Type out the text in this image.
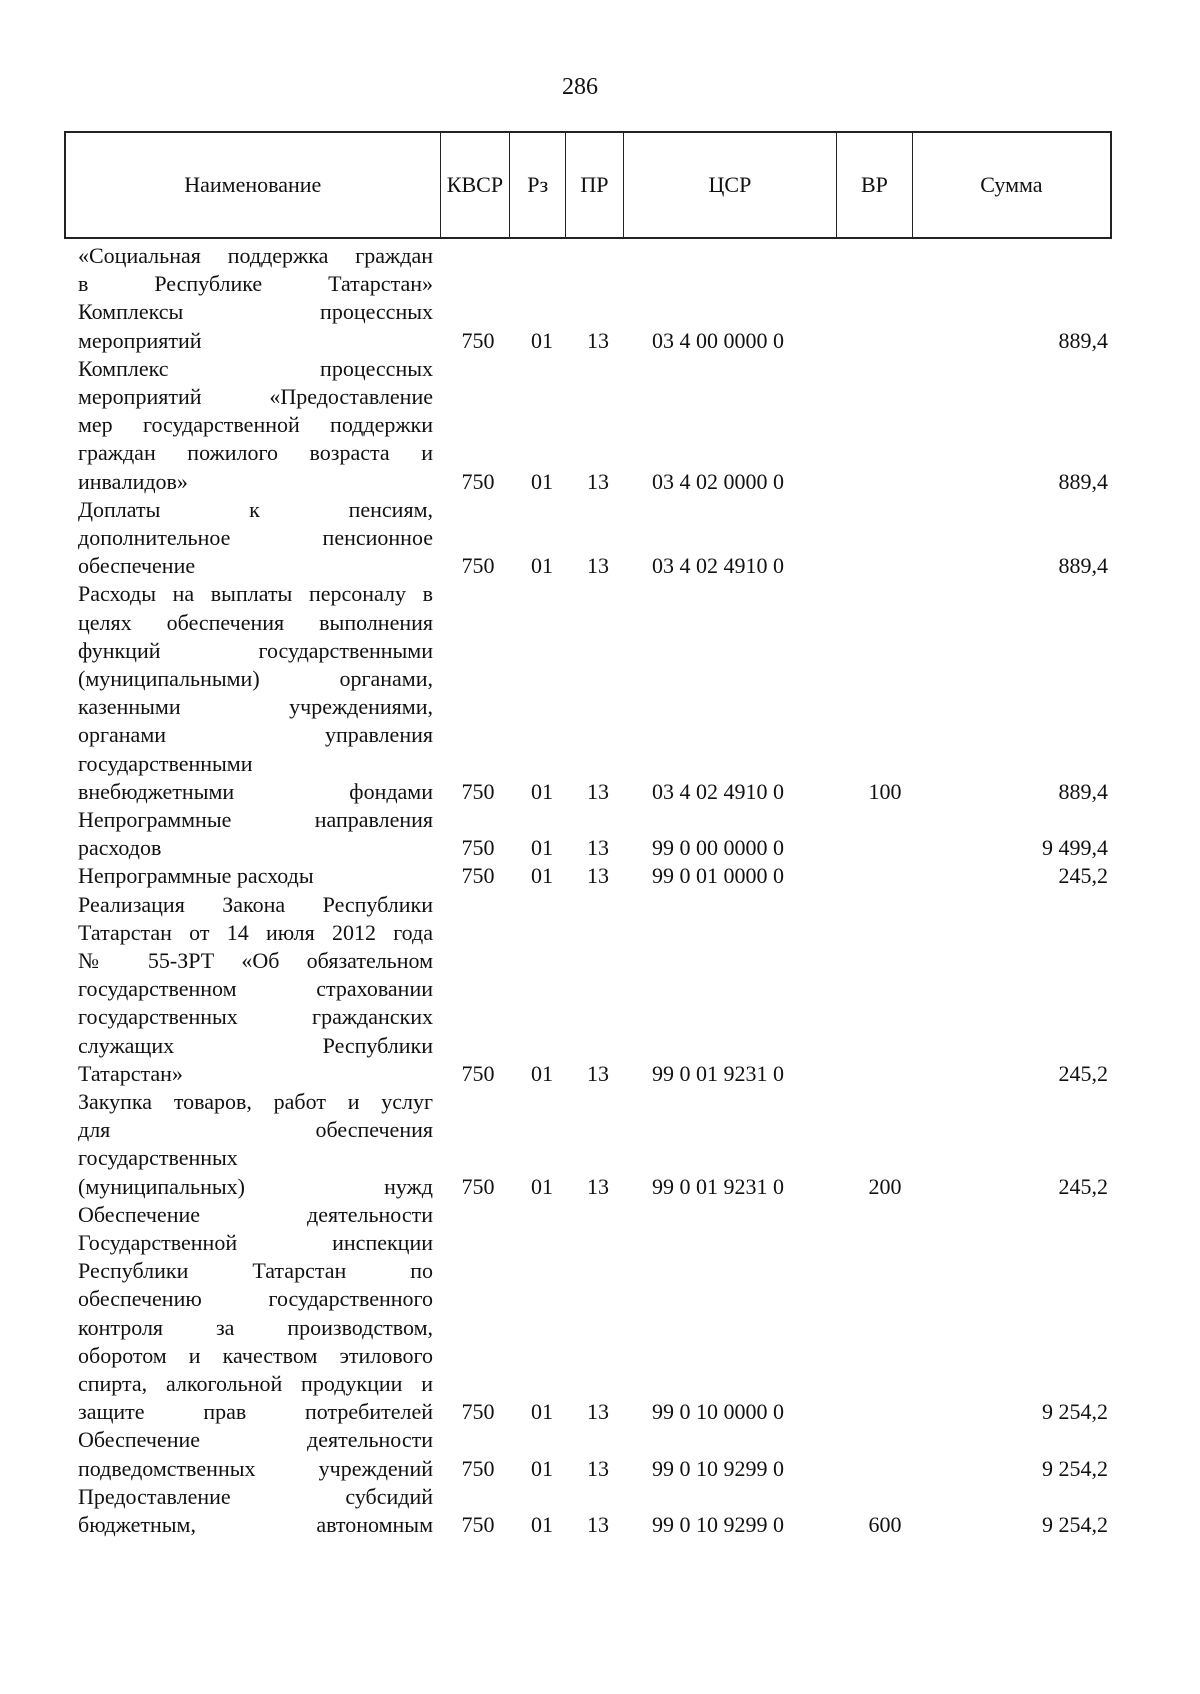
286
Наименование	КВСР	Рз	ПР	ЦСР	ВР	Сумма
«Социальная поддержка граждан
в Республике Татарстан»
Комплексы процессных
мероприятий	750	01	13	03 4 00 0000 0	889,4
Комплекс процессных
мероприятий «Предоставление
мер государственной поддержки
граждан пожилого возраста и
инвалидов»	750	01	13	03 4 02 0000 0	889,4
Доплаты к пенсиям,
дополнительное пенсионное
обеспечение	750	01	13	03 4 02 4910 0	889,4
Расходы на выплаты персоналу в
целях обеспечения выполнения
функций государственными
(муниципальными) органами,
казенными учреждениями,
органами управления
государственными
внебюджетными фондами 750	01	13	03 4 02 4910 0	100	889,4
Непрограммные направления
расходов	750	01	13	99 0 00 0000 0	9 499,4
Непрограммные расходы	750	01	13	99 0 01 0000 0	245,2
Реализация Закона Республики
Татарстан от 14 июля 2012 года
№ 55-ЗРТ «Об обязательном
государственном страховании
государственных гражданских
служащих Республики
Татарстан»	750	01	13	99 0 01 9231 0	245,2
Закупка товаров, работ и услуг
для обеспечения
государственных
(муниципальных) нужд 750	01	13	99 0 01 9231 0	200	245,2
Обеспечение деятельности
Государственной инспекции
Республики Татарстан по
обеспечению государственного
контроля за производством,
оборотом и качеством этилового
спирта, алкогольной продукции и
защите прав потребителей 750	01	13	99 0 10 0000 0	9 254,2
Обеспечение деятельности
подведомственных учреждений 750	01	13	99 0 10 9299 0	9 254,2
Предоставление субсидий
бюджетным, автономным 750	01	13	99 0 10 9299 0	600	9 254,2
